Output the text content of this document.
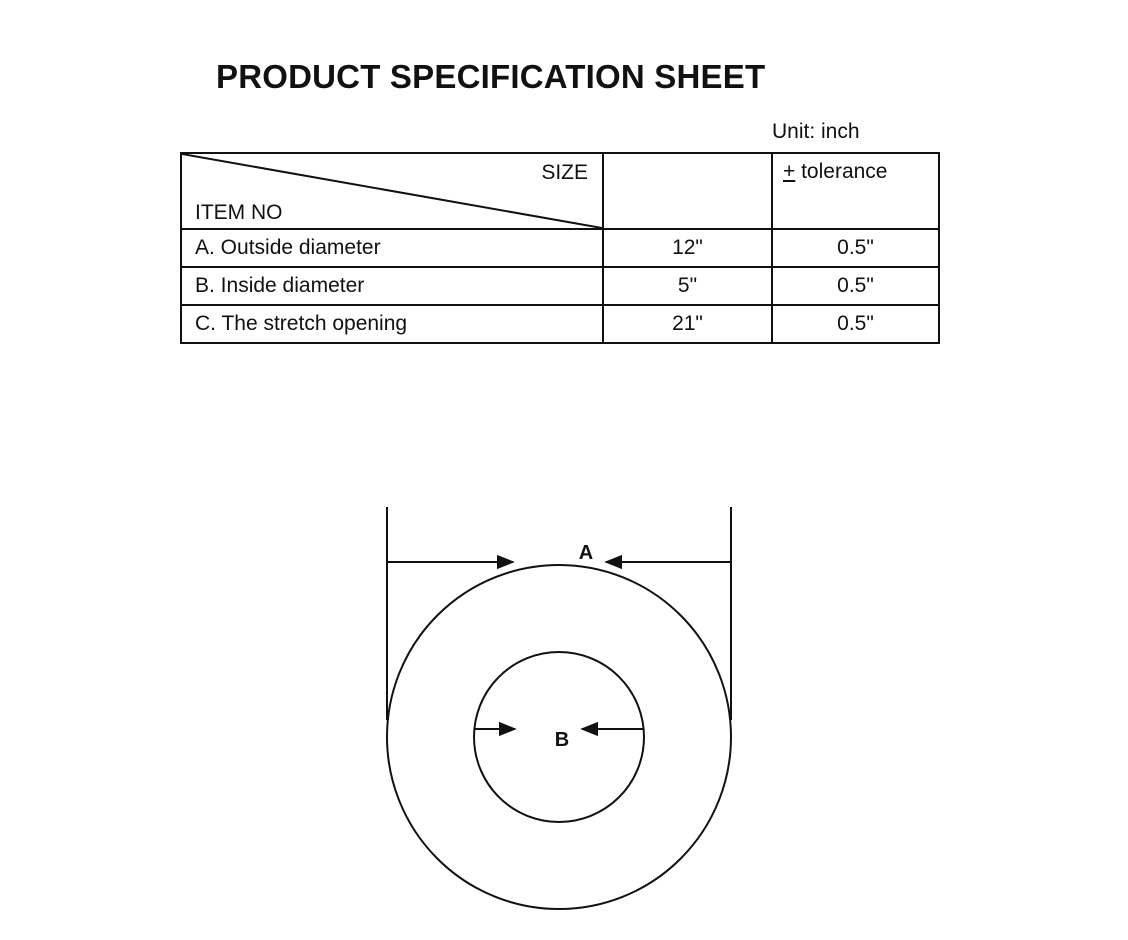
PRODUCT SPECIFICATION SHEET
Unit: inch
SIZE
ITEM NO		+ tolerance

A. Outside diameter	12"	0.5"
B. Inside diameter	5"	0.5"
C. The stretch opening	21"	0.5"
A
B
